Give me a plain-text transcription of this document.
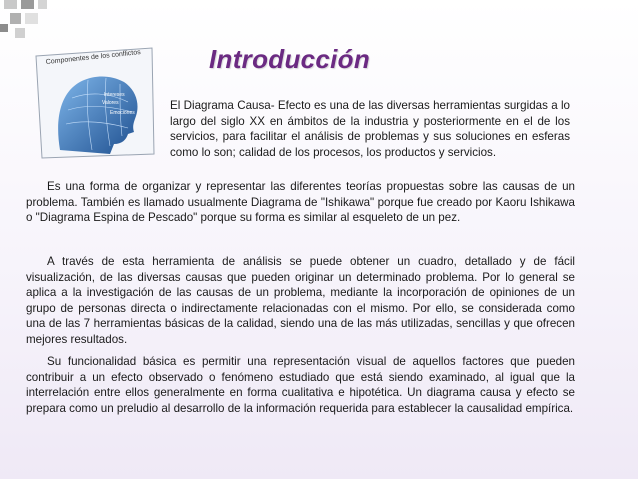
Componentes de los conflictos
Valores
Intereses
Emociones
Introducción
El Diagrama Causa- Efecto es una de las diversas herramientas surgidas a lo largo del siglo XX en ámbitos de la industria y posteriormente en el de los servicios, para facilitar el análisis de problemas y sus soluciones en esferas como lo son; calidad de los procesos, los productos y servicios.
Es una forma de organizar y representar las diferentes teorías propuestas sobre las causas de un problema. También es llamado usualmente Diagrama de "Ishikawa" porque fue creado por Kaoru Ishikawa o "Diagrama Espina de Pescado" porque su forma es similar al esqueleto de un pez.
A través de esta herramienta de análisis se puede obtener un cuadro, detallado y de fácil visualización, de las diversas causas que pueden originar un determinado problema. Por lo general se aplica a la investigación de las causas de un problema, mediante la incorporación de opiniones de un grupo de personas directa o indirectamente relacionadas con el mismo. Por ello, se considerada como una de las 7 herramientas básicas de la calidad, siendo una de las más utilizadas, sencillas y que ofrecen mejores resultados.
Su funcionalidad básica es permitir una representación visual de aquellos factores que pueden contribuir a un efecto observado o fenómeno estudiado que está siendo examinado, al igual que la interrelación entre ellos generalmente en forma cualitativa e hipotética. Un diagrama causa y efecto se prepara como un preludio al desarrollo de la información requerida para establecer la causalidad empírica.
